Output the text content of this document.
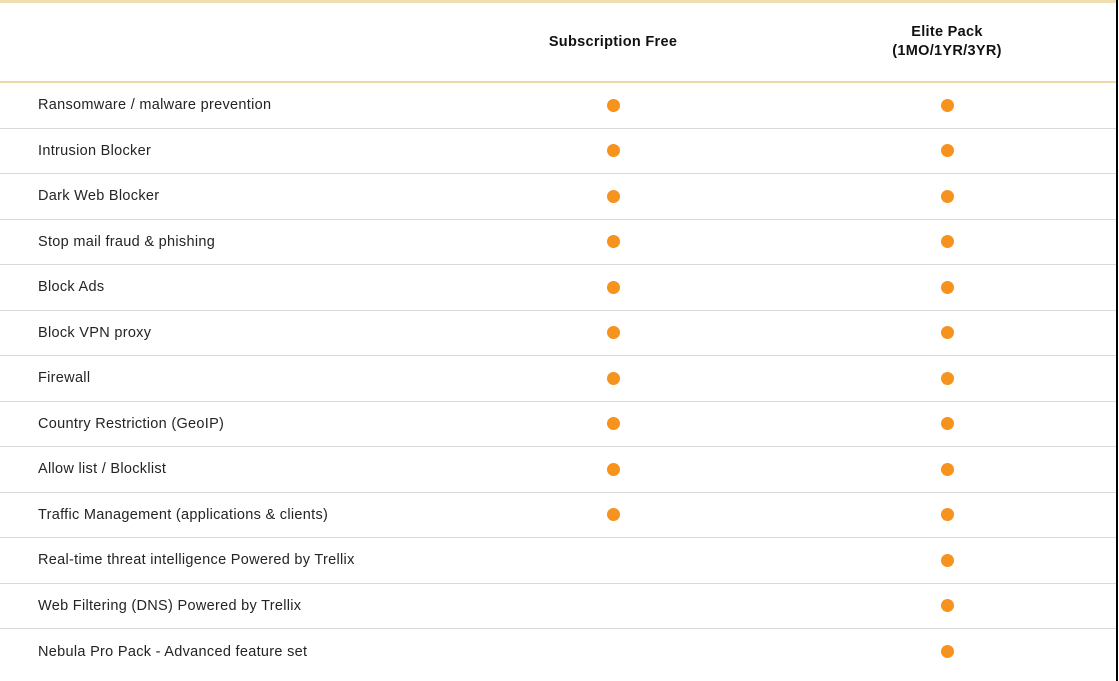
Subscription Free
Elite Pack
(1MO/1YR/3YR)
Ransomware / malware prevention
Intrusion Blocker
Dark Web Blocker
Stop mail fraud & phishing
Block Ads
Block VPN proxy
Firewall
Country Restriction (GeoIP)
Allow list / Blocklist
Traffic Management (applications & clients)
Real-time threat intelligence Powered by Trellix
Web Filtering (DNS) Powered by Trellix
Nebula Pro Pack - Advanced feature set
